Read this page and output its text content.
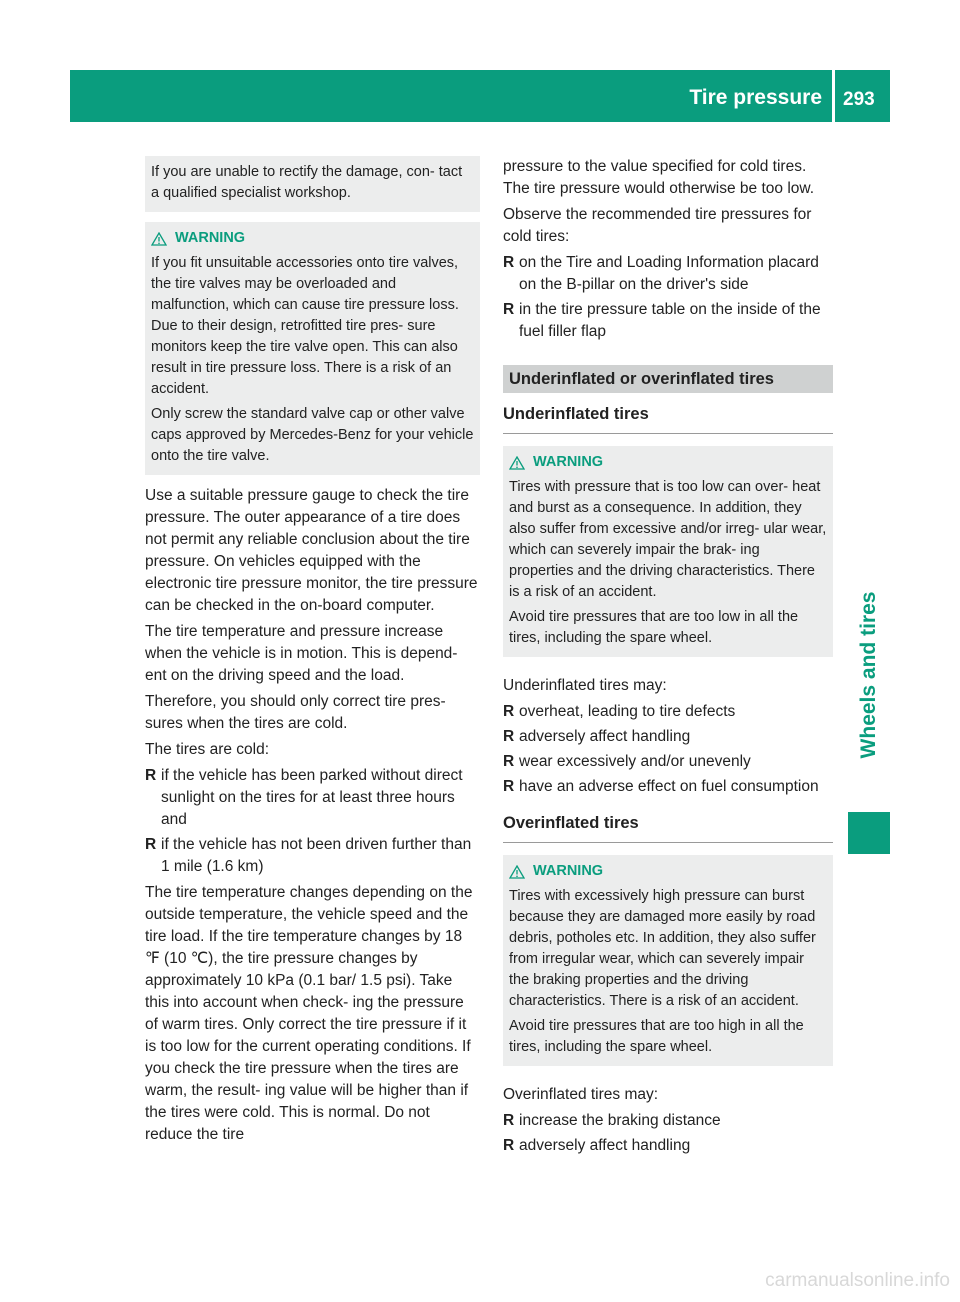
Tire pressure 293
Wheels and tires
If you are unable to rectify the damage, con- tact a qualified specialist workshop.
WARNING

If you fit unsuitable accessories onto tire valves, the tire valves may be overloaded and malfunction, which can cause tire pressure loss. Due to their design, retrofitted tire pres- sure monitors keep the tire valve open. This can also result in tire pressure loss. There is a risk of an accident.

Only screw the standard valve cap or other valve caps approved by Mercedes-Benz for your vehicle onto the tire valve.

Use a suitable pressure gauge to check the tire pressure. The outer appearance of a tire does not permit any reliable conclusion about the tire pressure. On vehicles equipped with the electronic tire pressure monitor, the tire pressure can be checked in the on-board computer.

The tire temperature and pressure increase when the vehicle is in motion. This is depend- ent on the driving speed and the load.

Therefore, you should only correct tire pres- sures when the tires are cold.

The tires are cold:

R if the vehicle has been parked without direct sunlight on the tires for at least three hours and
R if the vehicle has not been driven further than 1 mile (1.6 km)

The tire temperature changes depending on the outside temperature, the vehicle speed and the tire load. If the tire temperature changes by 18 ℉ (10 ℃), the tire pressure changes by approximately 10 kPa (0.1 bar/ 1.5 psi). Take this into account when check- ing the pressure of warm tires. Only correct the tire pressure if it is too low for the current operating conditions. If you check the tire pressure when the tires are warm, the result- ing value will be higher than if the tires were cold. This is normal. Do not reduce the tire

pressure to the value specified for cold tires. The tire pressure would otherwise be too low.

Observe the recommended tire pressures for cold tires:

R on the Tire and Loading Information placard on the B-pillar on the driver's side
R in the tire pressure table on the inside of the fuel filler flap
Underinflated or overinflated tires
Underinflated tires
WARNING

Tires with pressure that is too low can over- heat and burst as a consequence. In addition, they also suffer from excessive and/or irreg- ular wear, which can severely impair the brak- ing properties and the driving characteristics. There is a risk of an accident.

Avoid tire pressures that are too low in all the tires, including the spare wheel.

Underinflated tires may:

R overheat, leading to tire defects
R adversely affect handling
R wear excessively and/or unevenly
R have an adverse effect on fuel consumption
Overinflated tires
WARNING

Tires with excessively high pressure can burst because they are damaged more easily by road debris, potholes etc. In addition, they also suffer from irregular wear, which can severely impair the braking properties and the driving characteristics. There is a risk of an accident.

Avoid tire pressures that are too high in all the tires, including the spare wheel.

Overinflated tires may:

R increase the braking distance
R adversely affect handling
carmanualsonline.info
